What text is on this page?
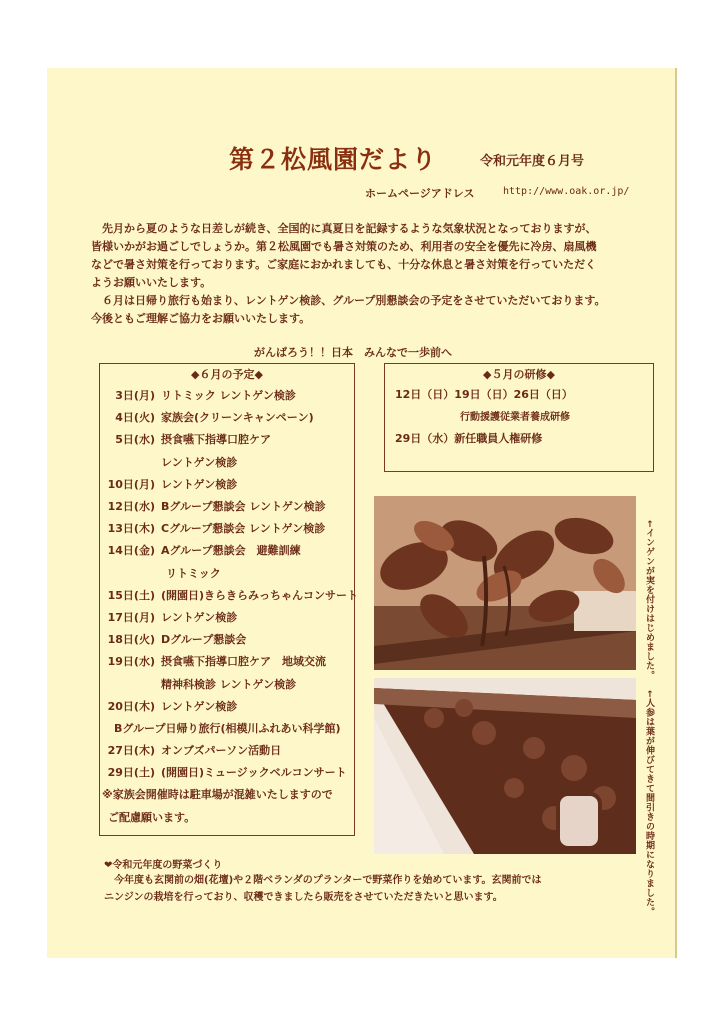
第２松風園だより	令和元年度６月号
ホームページアドレス	http://www.oak.or.jp/

先月から夏のような日差しが続き、全国的に真夏日を記録するような気象状況となっておりますが、

皆様いかがお過ごしでしょうか。第２松風園でも暑さ対策のため、利用者の安全を優先に冷房、扇風機

などで暑さ対策を行っております。ご家庭におかれましても、十分な休息と暑さ対策を行っていただく

ようお願いいたします。

６月は日帰り旅行も始まり、レントゲン検診、グループ別懇談会の予定をさせていただいております。

今後ともご理解ご協力をお願いいたします。

がんばろう！！日本　みんなで一歩前へ
◆６月の予定◆
3日(月) リトミック レントゲン検診
4日(火) 家族会(クリーンキャンペーン)
5日(水) 摂食嚥下指導口腔ケア
レントゲン検診
10日(月) レントゲン検診
12日(水) Bグループ懇談会 レントゲン検診
13日(木) Cグループ懇談会 レントゲン検診
14日(金) Aグループ懇談会　避難訓練
リトミック
15日(土) (開園日)きらきらみっちゃんコンサート
17日(月) レントゲン検診
18日(火) Dグループ懇談会
19日(水) 摂食嚥下指導口腔ケア　地域交流
精神科検診 レントゲン検診
20日(木) レントゲン検診
Bグループ日帰り旅行(相模川ふれあい科学館)
27日(木) オンブズパーソン活動日
29日(土) (開園日)ミュージックベルコンサート
※家族会開催時は駐車場が混雑いたしますので
ご配慮願います。
◆５月の研修◆
12日（日）19日（日）26日（日）
行動援護従業者養成研修
29日（水）新任職員人権研修
←インゲンが実を付けはじめました。
←人参は葉が伸びてきて間引きの時期になりました。
❤令和元年度の野菜づくり
今年度も玄関前の畑(花壇)や２階ベランダのプランターで野菜作りを始めています。玄関前では
ニンジンの栽培を行っており、収穫できましたら販売をさせていただきたいと思います。
